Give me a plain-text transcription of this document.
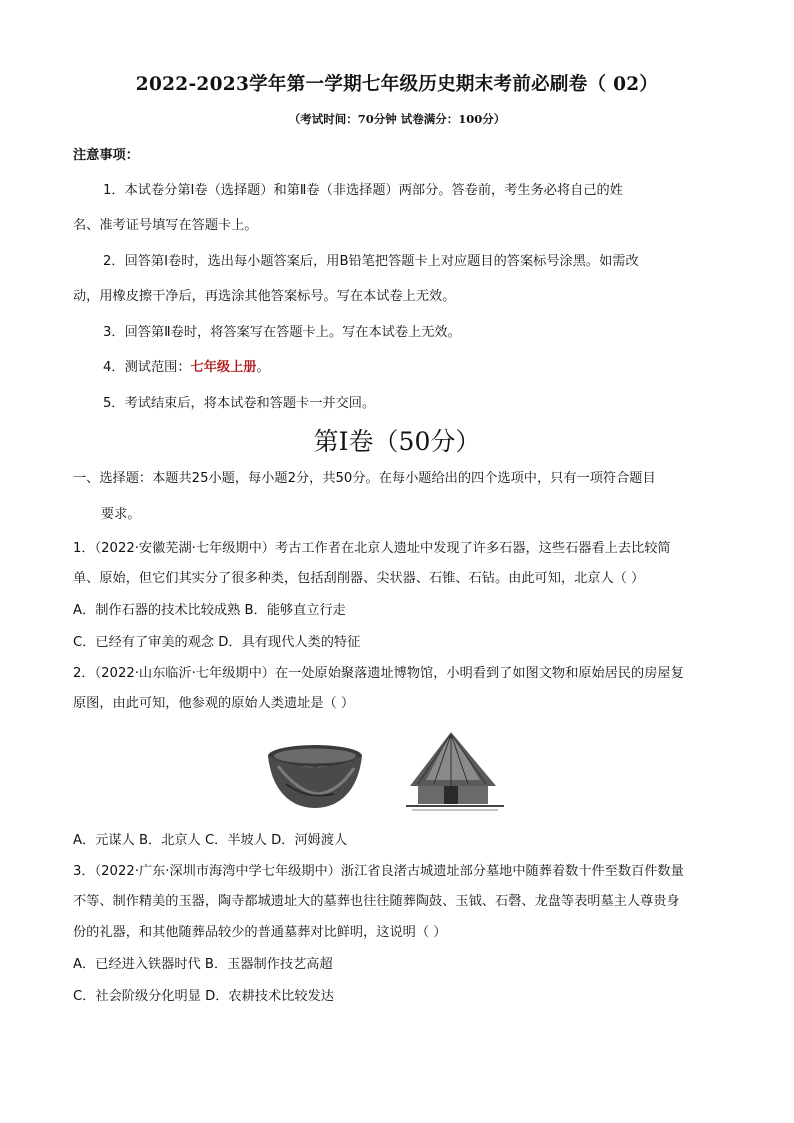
2022-2023学年第一学期七年级历史期末考前必刷卷（ 02）
（考试时间：70分钟 试卷满分：100分）
注意事项：
1．本试卷分第Ⅰ卷（选择题）和第Ⅱ卷（非选择题）两部分。答卷前，考生务必将自己的姓
名、准考证号填写在答题卡上。
2．回答第Ⅰ卷时，选出每小题答案后，用B铅笔把答题卡上对应题目的答案标号涂黑。如需改
动，用橡皮擦干净后，再选涂其他答案标号。写在本试卷上无效。
3．回答第Ⅱ卷时，将答案写在答题卡上。写在本试卷上无效。
4．测试范围：七年级上册。
5．考试结束后，将本试卷和答题卡一并交回。
第Ⅰ卷（50分）
一、选择题：本题共25小题，每小题2分，共50分。在每小题给出的四个选项中，只有一项符合题目
要求。
1．（2022·安徽芜湖·七年级期中）考古工作者在北京人遗址中发现了许多石器，这些石器看上去比较简
单、原始，但它们其实分了很多种类，包括刮削器、尖状器、石锥、石钻。由此可知，北京人（ ）
A．制作石器的技术比较成熟 B．能够直立行走
C．已经有了审美的观念 D．具有现代人类的特征
2．（2022·山东临沂·七年级期中）在一处原始聚落遗址博物馆，小明看到了如图文物和原始居民的房屋复
原图，由此可知，他参观的原始人类遗址是（ ）
A．元谋人 B．北京人 C．半坡人 D．河姆渡人
3．（2022·广东·深圳市海湾中学七年级期中）浙江省良渚古城遗址部分墓地中随葬着数十件至数百件数量
不等、制作精美的玉器，陶寺都城遗址大的墓葬也往往随葬陶鼓、玉钺、石磬、龙盘等表明墓主人尊贵身
份的礼器，和其他随葬品较少的普通墓葬对比鲜明，这说明（ ）
A．已经进入铁器时代 B．玉器制作技艺高超
C．社会阶级分化明显 D．农耕技术比较发达
